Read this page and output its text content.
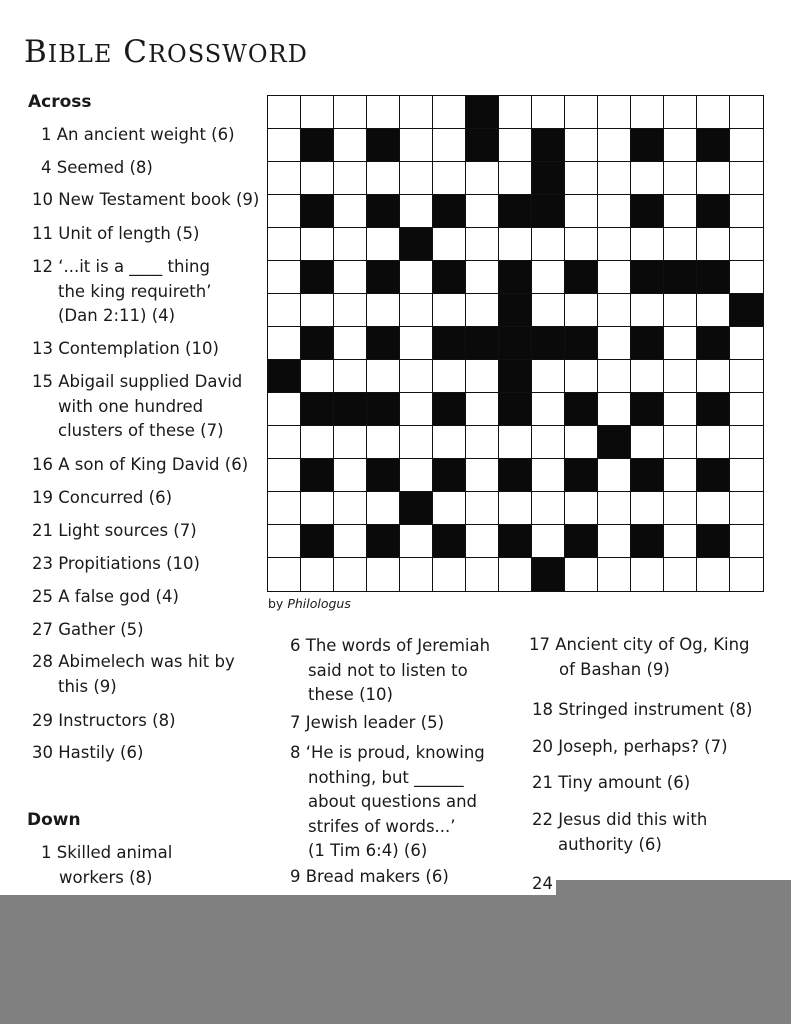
BIBLE CROSSWORD
Across
1 An ancient weight (6)
4 Seemed (8)
10 New Testament book (9)
11 Unit of length (5)
12 ‘...it is a ____ thing
the king requireth’
(Dan 2:11) (4)
13 Contemplation (10)
15 Abigail supplied David
with one hundred
clusters of these (7)
16 A son of King David (6)
19 Concurred (6)
21 Light sources (7)
23 Propitiations (10)
25 A false god (4)
27 Gather (5)
28 Abimelech was hit by
this (9)
29 Instructors (8)
30 Hastily (6)
Down
1 Skilled animal
workers (8)
6 The words of Jeremiah
said not to listen to
these (10)
7 Jewish leader (5)
8 ‘He is proud, knowing
nothing, but ______
about questions and
strifes of words...’
(1 Tim 6:4) (6)
9 Bread makers (6)
17 Ancient city of Og, King
of Bashan (9)
18 Stringed instrument (8)
20 Joseph, perhaps? (7)
21 Tiny amount (6)
22 Jesus did this with
authority (6)
24
by Philologus
